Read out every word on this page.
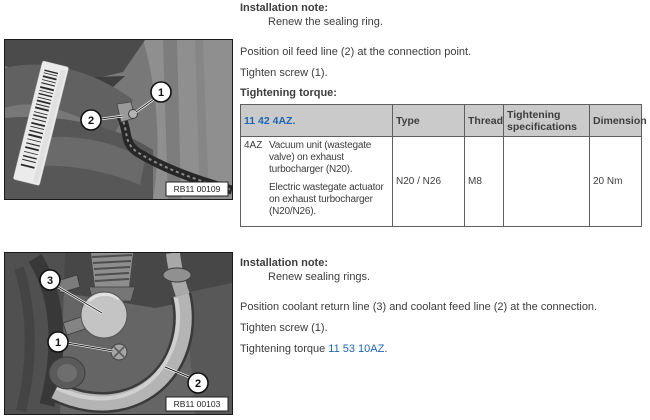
1
2
RB11 00109
3
1
2
RB11 00103
Installation note:
Renew the sealing ring.
Position oil feed line (2) at the connection point.
Tighten screw (1).
Tightening torque:
11 42 4AZ.	Type	Thread	Tightening specifications	Dimension

4AZ Vacuum unit (wastegate valve) on exhaust turbocharger (N20).

Electric wastegate actuator on exhaust turbocharger (N20/N26).	N20 / N26	M8		20 Nm
Installation note:
Renew sealing rings.
Position coolant return line (3) and coolant feed line (2) at the connection.
Tighten screw (1).
Tightening torque 11 53 10AZ.
